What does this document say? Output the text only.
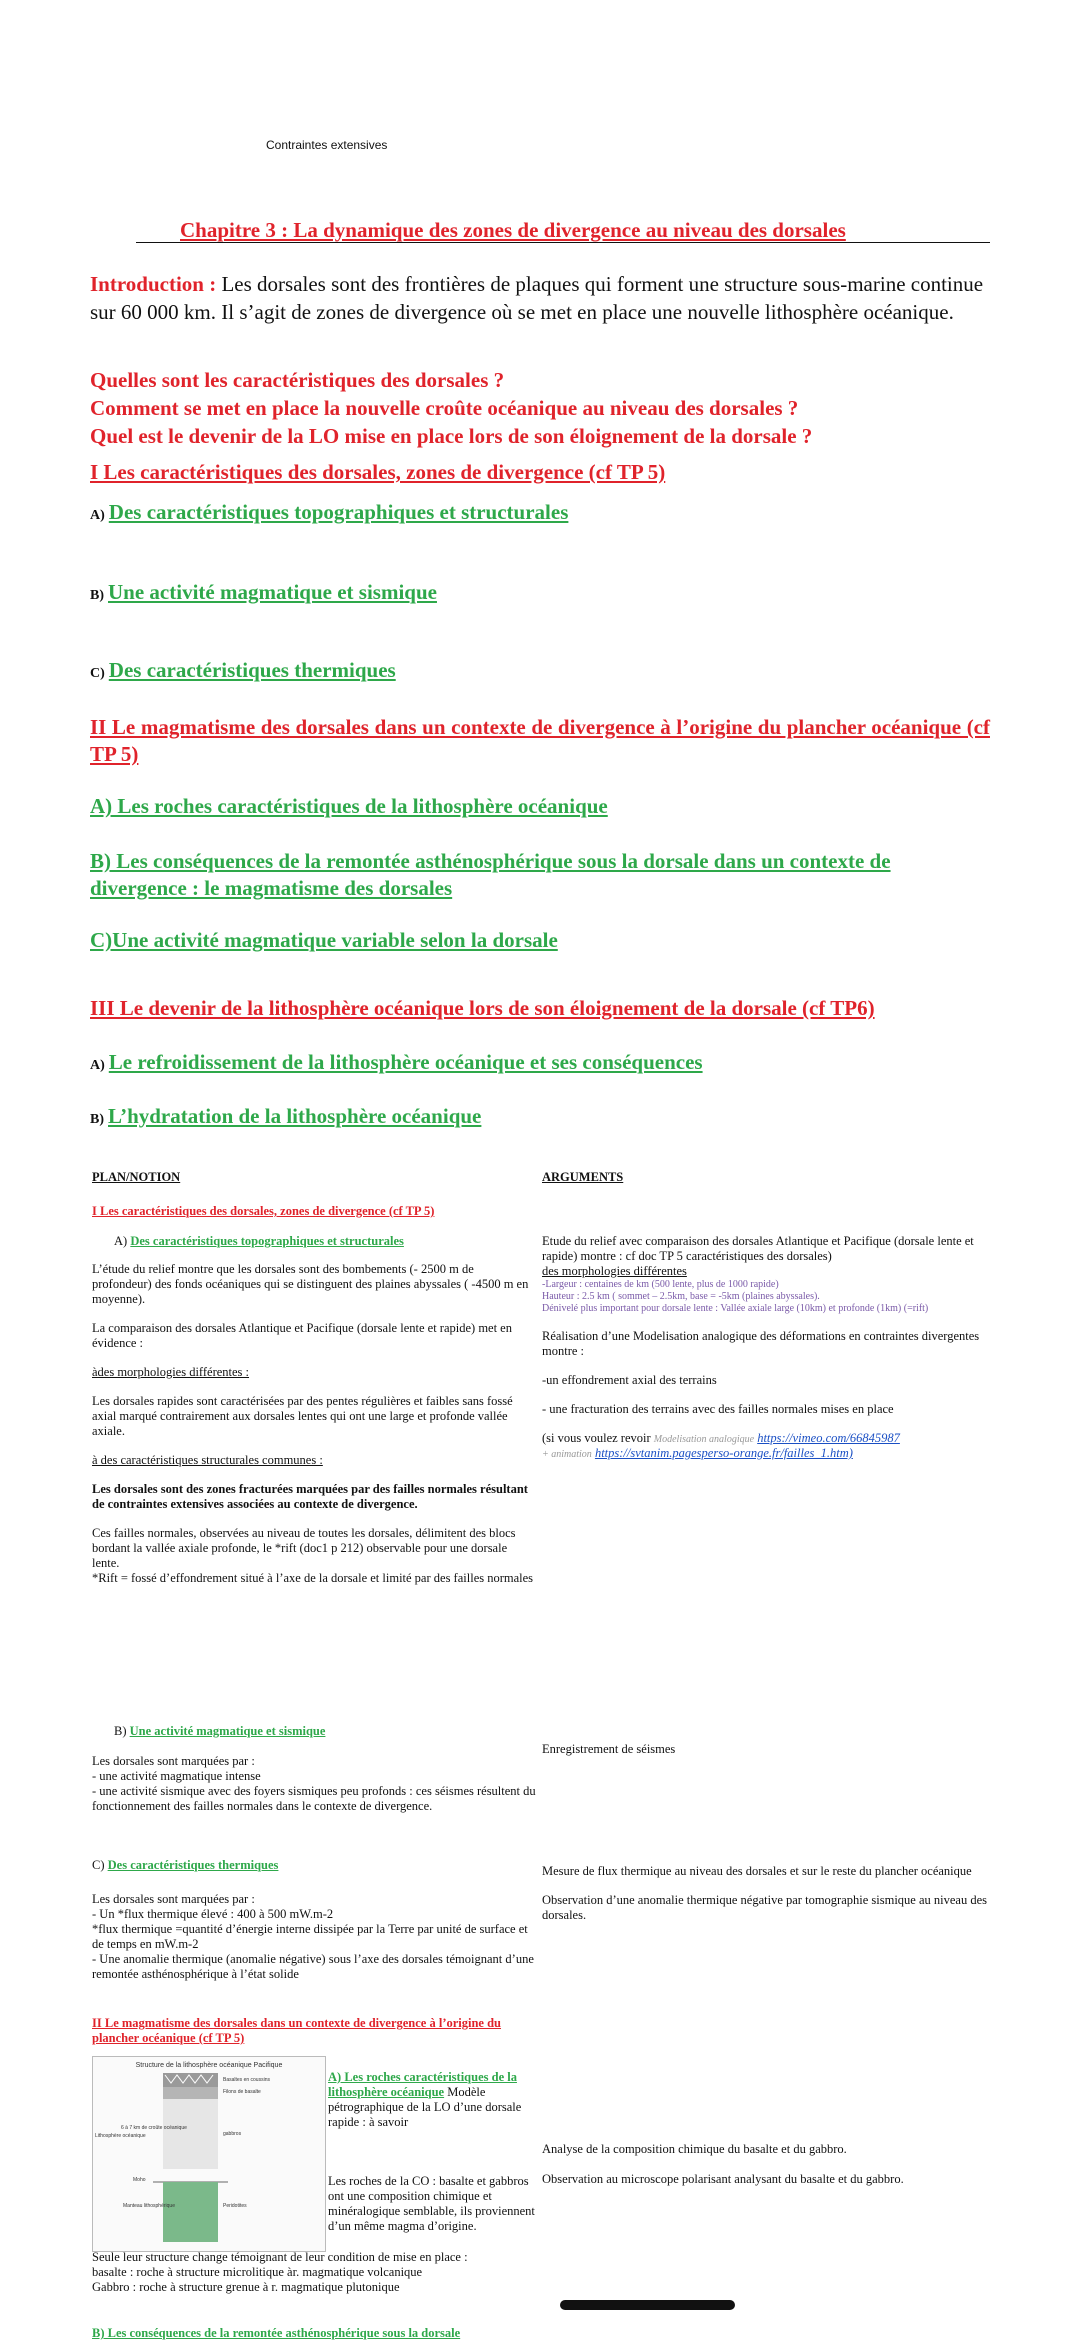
Contraintes extensives
Chapitre 3 : La dynamique des zones de divergence au niveau des dorsales
Introduction : Les dorsales sont des frontières de plaques qui forment une structure sous-marine continue sur 60 000 km. Il s’agit de zones de divergence où se met en place une nouvelle lithosphère océanique.
Quelles sont les caractéristiques des dorsales ?
Comment se met en place la nouvelle croûte océanique au niveau des dorsales ?
Quel est le devenir de la LO mise en place lors de son éloignement de la dorsale ?
I Les caractéristiques des dorsales, zones de divergence (cf TP 5)
A) Des caractéristiques topographiques et structurales
B) Une activité magmatique et sismique
C) Des caractéristiques thermiques
II Le magmatisme des dorsales dans un contexte de divergence à l’origine du plancher océanique (cf TP 5)
A) Les roches caractéristiques de la lithosphère océanique
B) Les conséquences de la remontée asthénosphérique sous la dorsale dans un contexte de divergence : le magmatisme des dorsales
C)Une activité magmatique variable selon la dorsale
III Le devenir de la lithosphère océanique lors de son éloignement de la dorsale (cf TP6)
A) Le refroidissement de la lithosphère océanique et ses conséquences
B) L’hydratation de la lithosphère océanique
PLAN/NOTION	ARGUMENTS
I Les caractéristiques des dorsales, zones de divergence (cf TP 5)
A) Des caractéristiques topographiques et structurales
L’étude du relief montre que les dorsales sont des bombements (- 2500 m de profondeur) des fonds océaniques qui se distinguent des plaines abyssales ( -4500 m en moyenne).
La comparaison des dorsales Atlantique et Pacifique (dorsale lente et rapide) met en évidence :
àdes morphologies différentes :
Les dorsales rapides sont caractérisées par des pentes régulières et faibles sans fossé axial marqué contrairement aux dorsales lentes qui ont une large et profonde vallée axiale.
à des caractéristiques structurales communes :
Les dorsales sont des zones fracturées marquées par des failles normales résultant de contraintes extensives associées au contexte de divergence.
Ces failles normales, observées au niveau de toutes les dorsales, délimitent des blocs bordant la vallée axiale profonde, le *rift (doc1 p 212) observable pour une dorsale lente.
*Rift = fossé d’effondrement situé à l’axe de la dorsale et limité par des failles normales
Etude du relief avec comparaison des dorsales Atlantique et Pacifique (dorsale lente et rapide) montre : cf doc TP 5 caractéristiques des dorsales)
des morphologies différentes
-Largeur : centaines de km (500 lente, plus de 1000 rapide)
Hauteur : 2.5 km ( sommet – 2.5km, base = -5km (plaines abyssales).
Dénivelé plus important pour dorsale lente : Vallée axiale large (10km) et profonde (1km) (=rift)
Réalisation d’une Modelisation analogique des déformations en contraintes divergentes montre :
-un effondrement axial des terrains
- une fracturation des terrains avec des failles normales mises en place
(si vous voulez revoir Modelisation analogique https://vimeo.com/66845987
+ animation https://svtanim.pagesperso-orange.fr/failles_1.htm)
B) Une activité magmatique et sismique
Les dorsales sont marquées par :
- une activité magmatique intense
- une activité sismique avec des foyers sismiques peu profonds : ces séismes résultent du fonctionnement des failles normales dans le contexte de divergence.
Enregistrement de séismes
C) Des caractéristiques thermiques
Les dorsales sont marquées par :
- Un *flux thermique élevé : 400 à 500 mW.m-2
*flux thermique =quantité d’énergie interne dissipée par la Terre par unité de surface et de temps en mW.m-2
- Une anomalie thermique (anomalie négative) sous l’axe des dorsales témoignant d’une remontée asthénosphérique à l’état solide
Mesure de flux thermique au niveau des dorsales et sur le reste du plancher océanique
Observation d’une anomalie thermique négative par tomographie sismique au niveau des dorsales.
II Le magmatisme des dorsales dans un contexte de divergence à l’origine du plancher océanique (cf TP 5)
Structure de la lithosphère océanique Pacifique
Basaltes en coussins
Filons de basalte
Lithosphère océanique
6 à 7 km de croûte océanique
gabbros
Moho
Manteau lithosphérique	Peridotites
A) Les roches caractéristiques de la lithosphère océanique Modèle pétrographique de la LO d’une dorsale rapide : à savoir
Les roches de la CO : basalte et gabbros ont une composition chimique et minéralogique semblable, ils proviennent d’un même magma d’origine.
Seule leur structure change témoignant de leur condition de mise en place :
basalte : roche à structure microlitique àr. magmatique volcanique
Gabbro : roche à structure grenue à r. magmatique plutonique
Analyse de la composition chimique du basalte et du gabbro.
Observation au microscope polarisant analysant du basalte et du gabbro.
B) Les conséquences de la remontée asthénosphérique sous la dorsale
